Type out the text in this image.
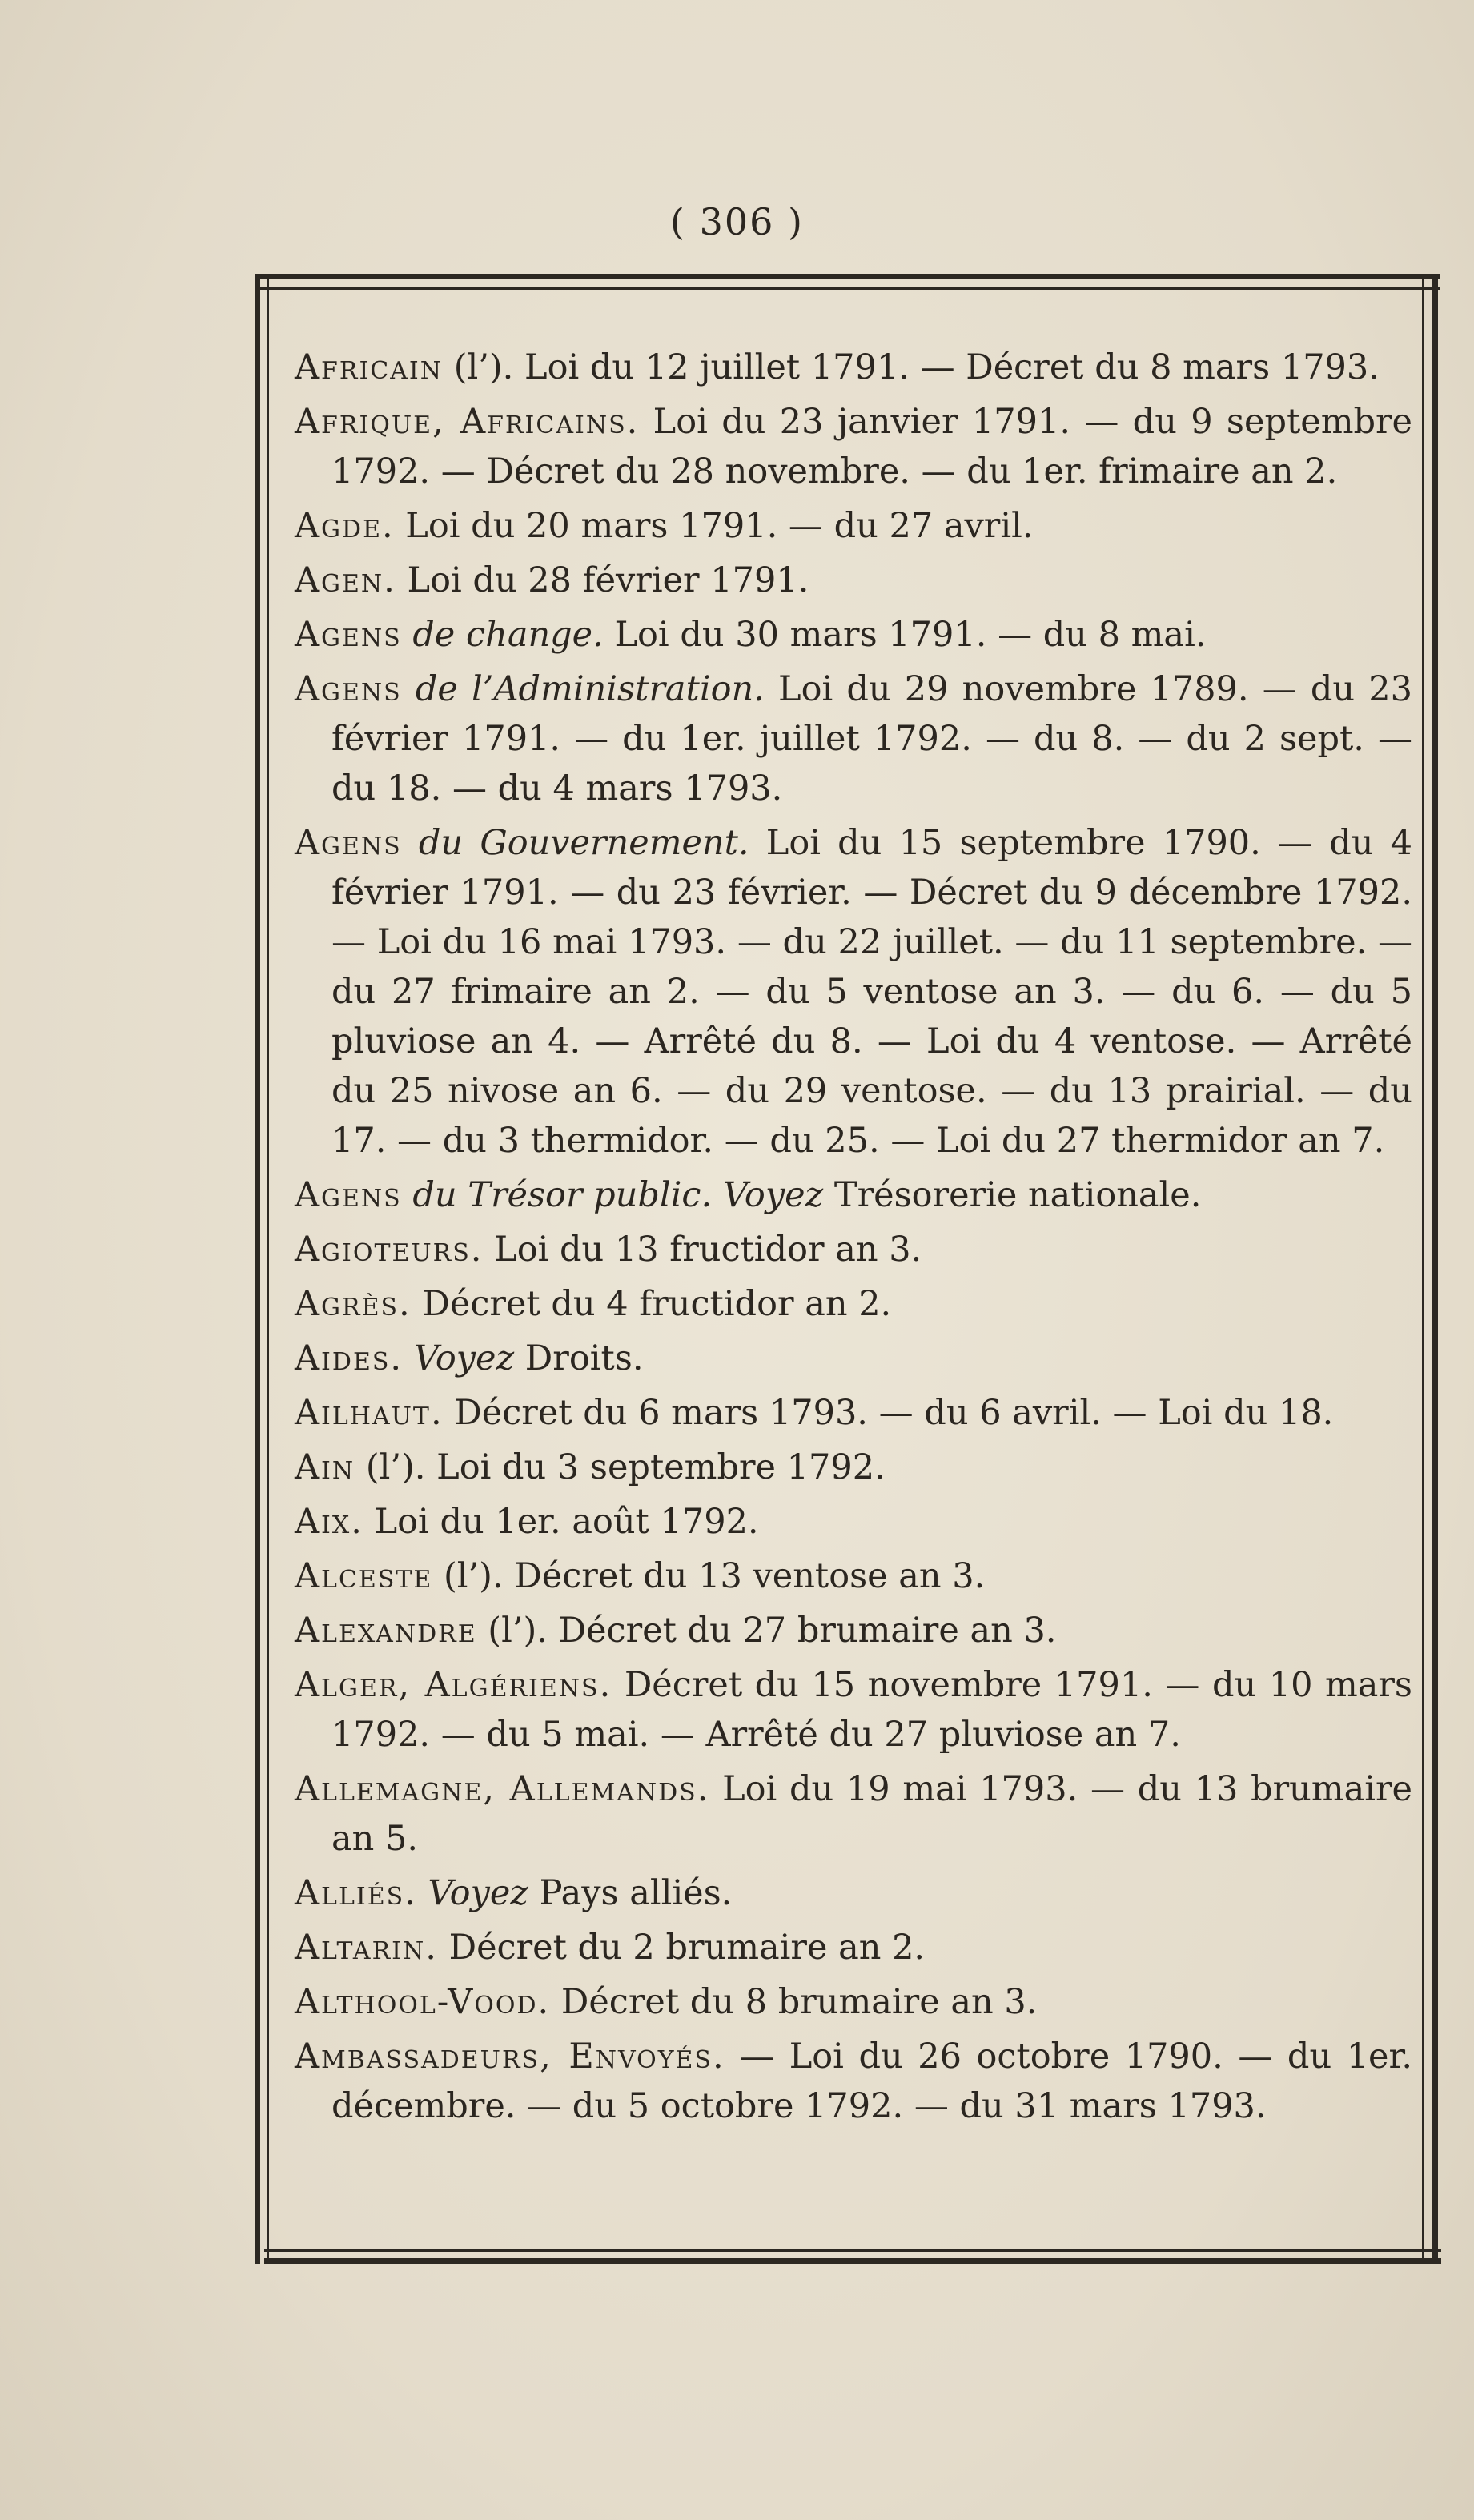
( 306 )

Africain (l’). Loi du 12 juillet 1791. — Décret du 8 mars 1793.

Afrique, Africains. Loi du 23 janvier 1791. — du 9 septembre 1792. — Décret du 28 novembre. — du 1er. frimaire an 2.

Agde. Loi du 20 mars 1791. — du 27 avril.

Agen. Loi du 28 février 1791.

Agens de change. Loi du 30 mars 1791. — du 8 mai.

Agens de l’Administration. Loi du 29 novembre 1789. — du 23 février 1791. — du 1er. juillet 1792. — du 8. — du 2 sept. — du 18. — du 4 mars 1793.

Agens du Gouvernement. Loi du 15 septembre 1790. — du 4 février 1791. — du 23 février. — Décret du 9 décembre 1792. — Loi du 16 mai 1793. — du 22 juillet. — du 11 septembre. — du 27 frimaire an 2. — du 5 ventose an 3. — du 6. — du 5 pluviose an 4. — Arrêté du 8. — Loi du 4 ventose. — Arrêté du 25 nivose an 6. — du 29 ventose. — du 13 prairial. — du 17. — du 3 thermidor. — du 25. — Loi du 27 thermidor an 7.

Agens du Trésor public. Voyez Trésorerie nationale.

Agioteurs. Loi du 13 fructidor an 3.

Agrès. Décret du 4 fructidor an 2.

Aides. Voyez Droits.

Ailhaut. Décret du 6 mars 1793. — du 6 avril. — Loi du 18.

Ain (l’). Loi du 3 septembre 1792.

Aix. Loi du 1er. août 1792.

Alceste (l’). Décret du 13 ventose an 3.

Alexandre (l’). Décret du 27 brumaire an 3.

Alger, Algériens. Décret du 15 novembre 1791. — du 10 mars 1792. — du 5 mai. — Arrêté du 27 pluviose an 7.

Allemagne, Allemands. Loi du 19 mai 1793. — du 13 brumaire an 5.

Alliés. Voyez Pays alliés.

Altarin. Décret du 2 brumaire an 2.

Althool-Vood. Décret du 8 brumaire an 3.

Ambassadeurs, Envoyés. — Loi du 26 octobre 1790. — du 1er. décembre. — du 5 octobre 1792. — du 31 mars 1793.
